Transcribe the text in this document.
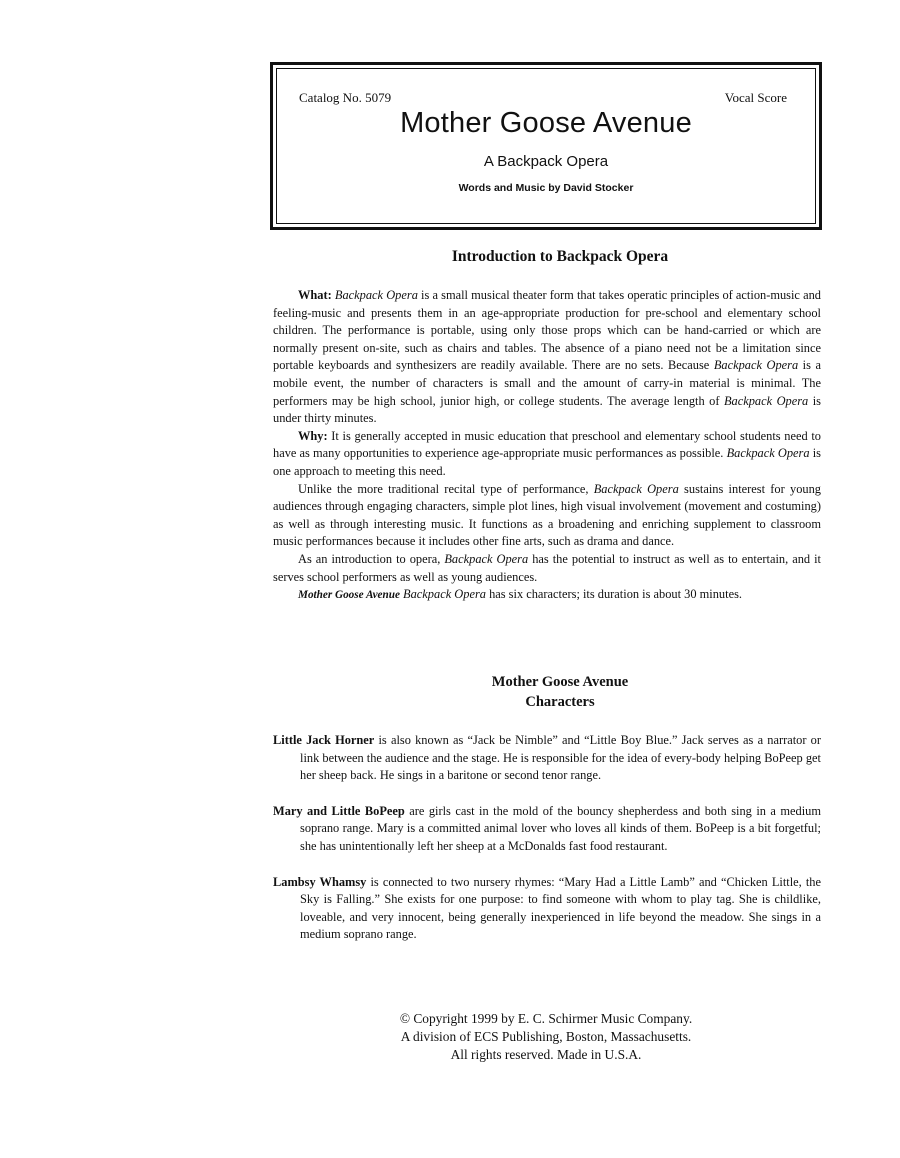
Catalog No. 5079	Vocal Score
Mother Goose Avenue
A Backpack Opera
Words and Music by David Stocker
Introduction to Backpack Opera

What: Backpack Opera is a small musical theater form that takes operatic principles of action-music and feeling-music and presents them in an age-appropriate production for pre-school and elementary school children. The performance is portable, using only those props which can be hand-carried or which are normally present on-site, such as chairs and tables. The absence of a piano need not be a limitation since portable keyboards and synthesizers are readily available. There are no sets. Because Backpack Opera is a mobile event, the number of characters is small and the amount of carry-in material is minimal. The performers may be high school, junior high, or college students. The average length of Backpack Opera is under thirty minutes.

Why: It is generally accepted in music education that preschool and elementary school students need to have as many opportunities to experience age-appropriate music performances as possible. Backpack Opera is one approach to meeting this need.

Unlike the more traditional recital type of performance, Backpack Opera sustains interest for young audiences through engaging characters, simple plot lines, high visual involvement (movement and costuming) as well as through interesting music. It functions as a broadening and enriching supplement to classroom music performances because it includes other fine arts, such as drama and dance.

As an introduction to opera, Backpack Opera has the potential to instruct as well as to entertain, and it serves school performers as well as young audiences.

Mother Goose Avenue Backpack Opera has six characters; its duration is about 30 minutes.

Mother Goose Avenue
Characters

Little Jack Horner is also known as “Jack be Nimble” and “Little Boy Blue.” Jack serves as a narrator or link between the audience and the stage. He is responsible for the idea of every-body helping BoPeep get her sheep back. He sings in a baritone or second tenor range.

Mary and Little BoPeep are girls cast in the mold of the bouncy shepherdess and both sing in a medium soprano range. Mary is a committed animal lover who loves all kinds of them. BoPeep is a bit forgetful; she has unintentionally left her sheep at a McDonalds fast food restaurant.

Lambsy Whamsy is connected to two nursery rhymes: “Mary Had a Little Lamb” and “Chicken Little, the Sky is Falling.” She exists for one purpose: to find someone with whom to play tag. She is childlike, loveable, and very innocent, being generally inexperienced in life beyond the meadow. She sings in a medium soprano range.

© Copyright 1999 by E. C. Schirmer Music Company.
A division of ECS Publishing, Boston, Massachusetts.
All rights reserved. Made in U.S.A.
